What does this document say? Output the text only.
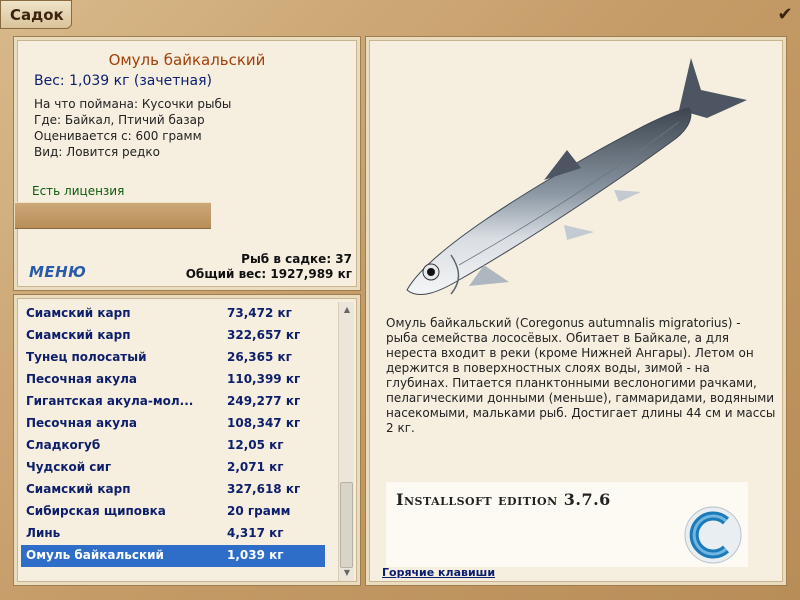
Садок	✔
Омуль байкальский
Вес: 1,039 кг (зачетная)
На что поймана: Кусочки рыбы
Где: Байкал, Птичий базар
Оценивается с: 600 грамм
Вид: Ловится редко
Есть лицензия
Рыб в садке: 37
Общий вес: 1927,989 кг
МЕНЮ
Сиамский карп	73,472 кг
Сиамский карп	322,657 кг
Тунец полосатый	26,365 кг
Песочная акула	110,399 кг
Гигантская акула-мол...	249,277 кг
Песочная акула	108,347 кг
Сладкогуб	12,05 кг
Чудской сиг	2,071 кг
Сиамский карп	327,618 кг
Сибирская щиповка	20 грамм
Линь	4,317 кг
Омуль байкальский	1,039 кг
▲
▼
Омуль байкальский (Coregonus autumnalis migratorius) - рыба семейства лососёвых. Обитает в Байкале, а для нереста входит в реки (кроме Нижней Ангары). Летом он держится в поверхностных слоях воды, зимой - на глубинах. Питается планктонными веслоногими рачками, пелагическими донными (меньше), гаммаридами, водяными насекомыми, мальками рыб. Достигает длины 44 см и массы 2 кг.
Installsoft edition 3.7.6
Горячие клавиши
